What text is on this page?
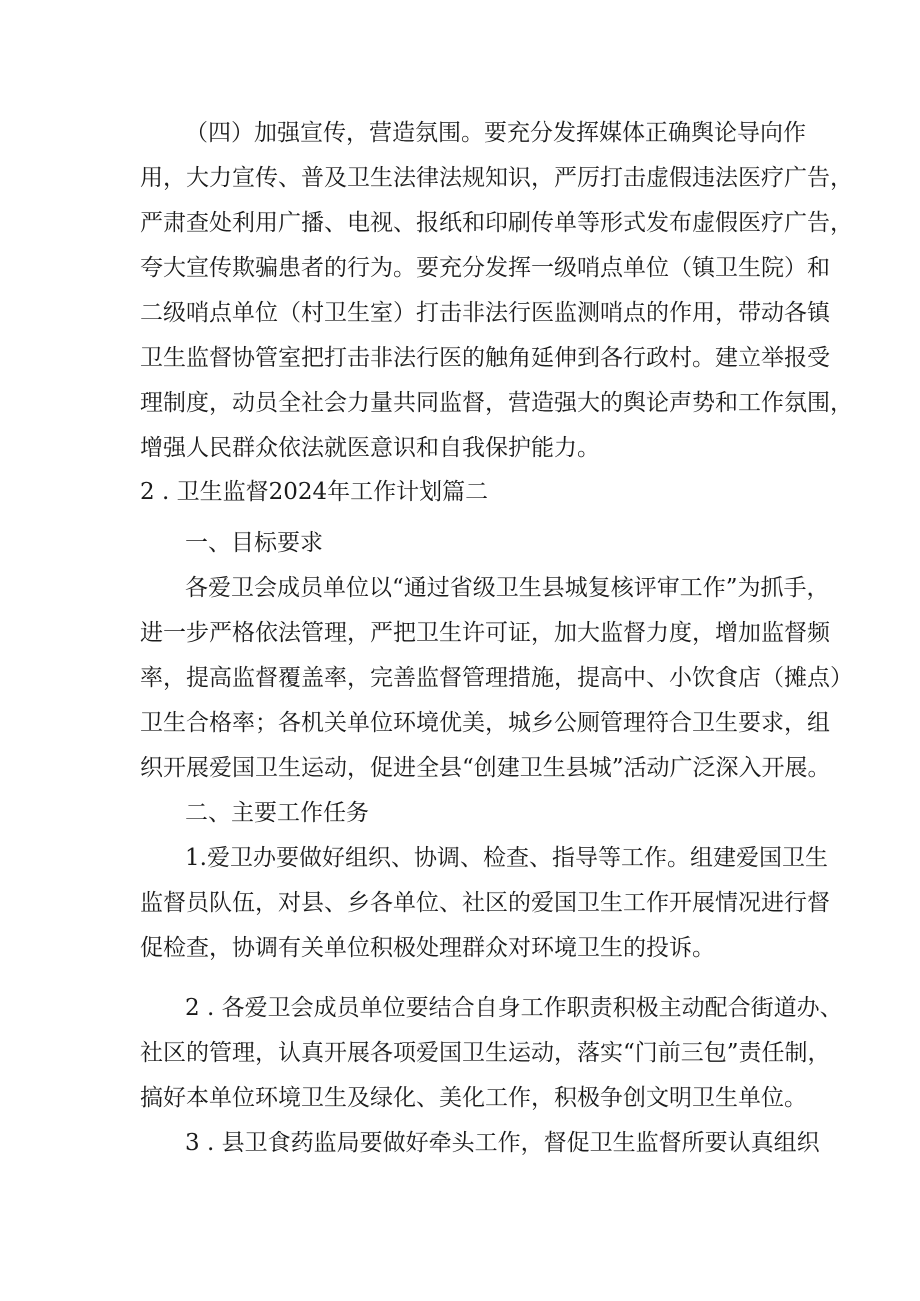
（四）加强宣传，营造氛围。要充分发挥媒体正确舆论导向作
用，大力宣传、普及卫生法律法规知识，严厉打击虚假违法医疗广告，
严肃查处利用广播、电视、报纸和印刷传单等形式发布虚假医疗广告，
夸大宣传欺骗患者的行为。要充分发挥一级哨点单位（镇卫生院）和
二级哨点单位（村卫生室）打击非法行医监测哨点的作用，带动各镇
卫生监督协管室把打击非法行医的触角延伸到各行政村。建立举报受
理制度，动员全社会力量共同监督，营造强大的舆论声势和工作氛围，
增强人民群众依法就医意识和自我保护能力。
2 . 卫生监督2024年工作计划篇二
一、目标要求
各爱卫会成员单位以“通过省级卫生县城复核评审工作”为抓手，
进一步严格依法管理，严把卫生许可证，加大监督力度，增加监督频
率，提高监督覆盖率，完善监督管理措施，提高中、小饮食店（摊点）
卫生合格率；各机关单位环境优美，城乡公厕管理符合卫生要求，组
织开展爱国卫生运动，促进全县“创建卫生县城”活动广泛深入开展。
二、主要工作任务
1.爱卫办要做好组织、协调、检查、指导等工作。组建爱国卫生
监督员队伍，对县、乡各单位、社区的爱国卫生工作开展情况进行督
促检查，协调有关单位积极处理群众对环境卫生的投诉。
2 . 各爱卫会成员单位要结合自身工作职责积极主动配合街道办、
社区的管理，认真开展各项爱国卫生运动，落实“门前三包”责任制，
搞好本单位环境卫生及绿化、美化工作，积极争创文明卫生单位。
3 . 县卫食药监局要做好牵头工作，督促卫生监督所要认真组织
